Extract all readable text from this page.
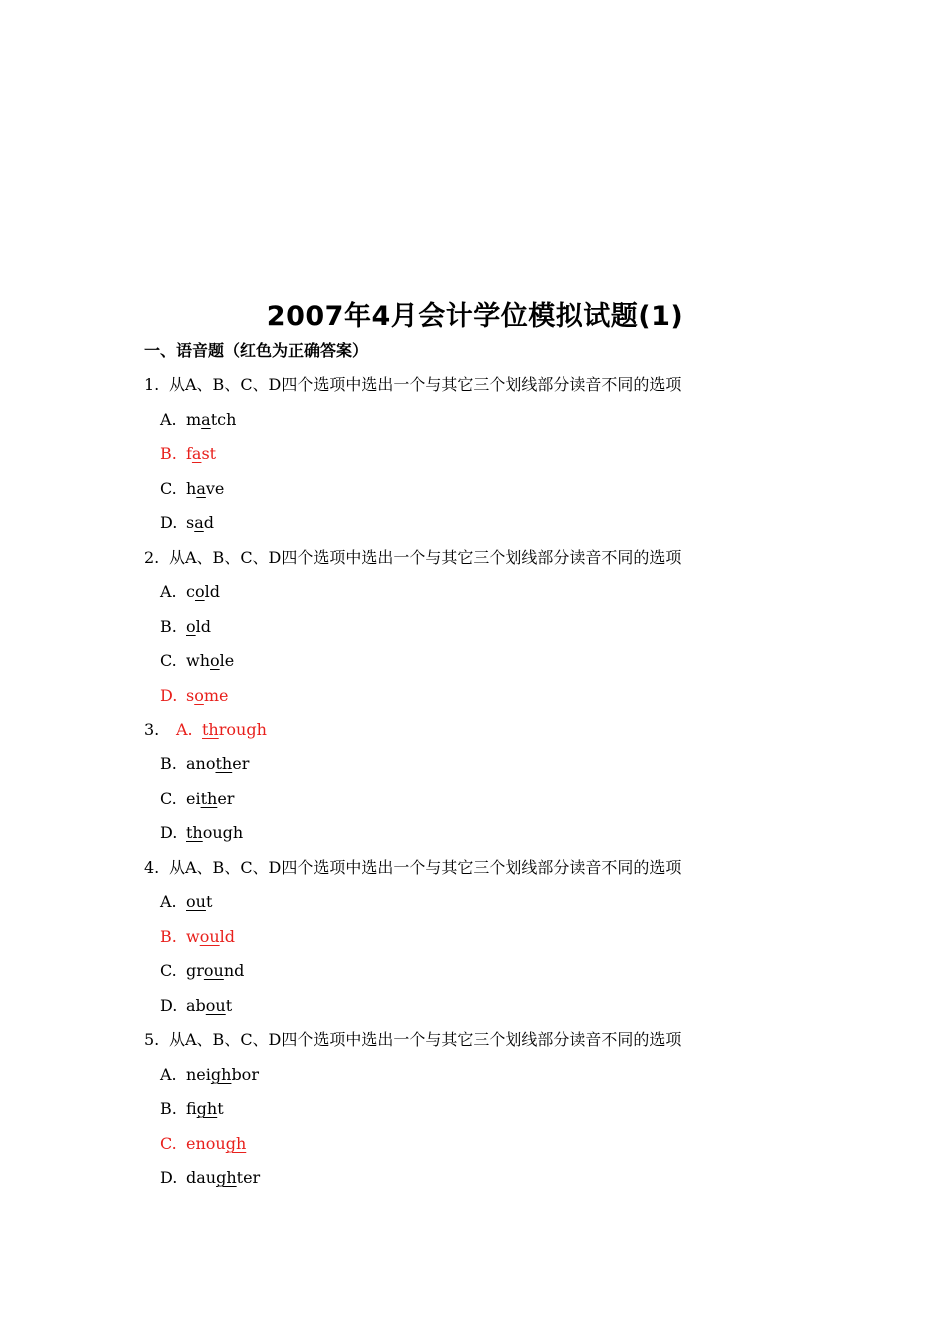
2007年4月会计学位模拟试题(1)
一、语音题（红色为正确答案）
1. 从A、B、C、D四个选项中选出一个与其它三个划线部分读音不同的选项
A. match
B. fast
C. have
D. sad
2. 从A、B、C、D四个选项中选出一个与其它三个划线部分读音不同的选项
A. cold
B. old
C. whole
D. some
3. A. through
B. another
C. either
D. though
4. 从A、B、C、D四个选项中选出一个与其它三个划线部分读音不同的选项
A. out
B. would
C. ground
D. about
5. 从A、B、C、D四个选项中选出一个与其它三个划线部分读音不同的选项
A. neighbor
B. fight
C. enough
D. daughter
